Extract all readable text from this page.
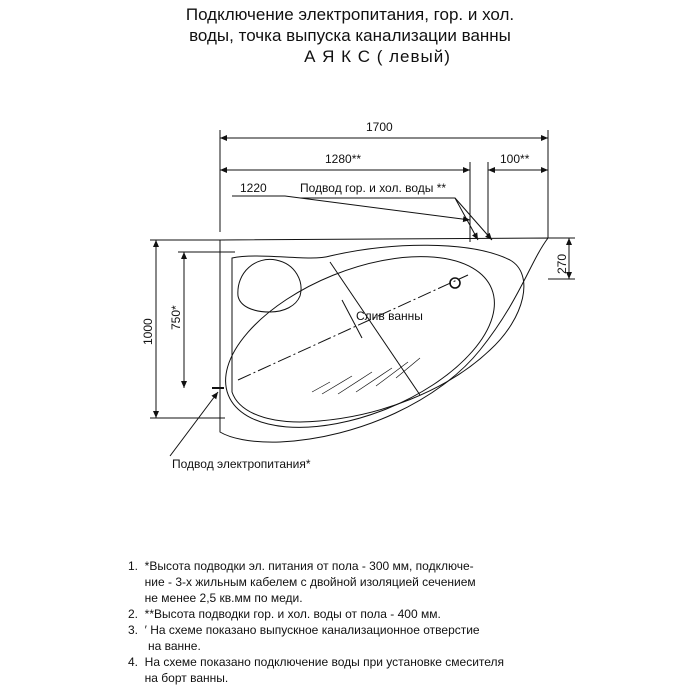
Подключение электропитания, гор. и хол.
воды, точка выпуска канализации ванны
А Я К С ( левый)
1700
1280**	100**
1220	Подвод гор. и хол. воды **
270
1000
750*	Слив ванны
Подвод электропитания*
1.  *Высота подводки эл. питания от пола - 300 мм, подключе-
ние - 3-х жильным кабелем с двойной изоляцией сечением
не менее 2,5 кв.мм по меди.
2.  **Высота подводки гор. и хол. воды от пола - 400 мм.
3.  ′ На схеме показано выпускное канализационное отверстие
на ванне.
4.  На схеме показано подключение воды при установке смесителя
на борт ванны.
